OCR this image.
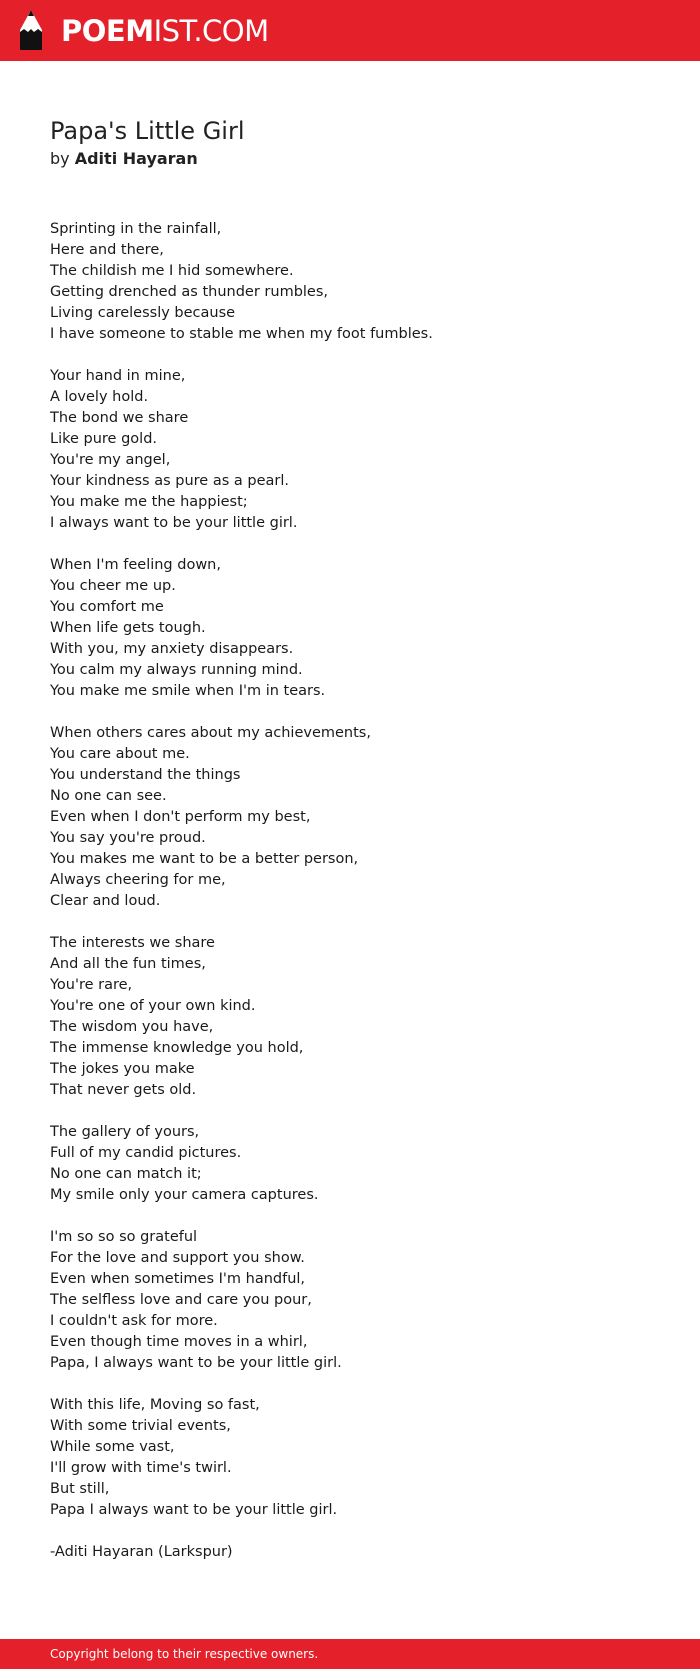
POEMIST.COM
Papa's Little Girl
by Aditi Hayaran
Sprinting in the rainfall,
Here and there,
The childish me I hid somewhere.
Getting drenched as thunder rumbles,
Living carelessly because
I have someone to stable me when my foot fumbles.
Your hand in mine,
A lovely hold.
The bond we share
Like pure gold.
You're my angel,
Your kindness as pure as a pearl.
You make me the happiest;
I always want to be your little girl.
When I'm feeling down,
You cheer me up.
You comfort me
When life gets tough.
With you, my anxiety disappears.
You calm my always running mind.
You make me smile when I'm in tears.
When others cares about my achievements,
You care about me.
You understand the things
No one can see.
Even when I don't perform my best,
You say you're proud.
You makes me want to be a better person,
Always cheering for me,
Clear and loud.
The interests we share
And all the fun times,
You're rare,
You're one of your own kind.
The wisdom you have,
The immense knowledge you hold,
The jokes you make
That never gets old.
The gallery of yours,
Full of my candid pictures.
No one can match it;
My smile only your camera captures.
I'm so so so grateful
For the love and support you show.
Even when sometimes I'm handful,
The selfless love and care you pour,
I couldn't ask for more.
Even though time moves in a whirl,
Papa, I always want to be your little girl.
With this life, Moving so fast,
With some trivial events,
While some vast,
I'll grow with time's twirl.
But still,
Papa I always want to be your little girl.
-Aditi Hayaran (Larkspur)
Copyright belong to their respective owners.
